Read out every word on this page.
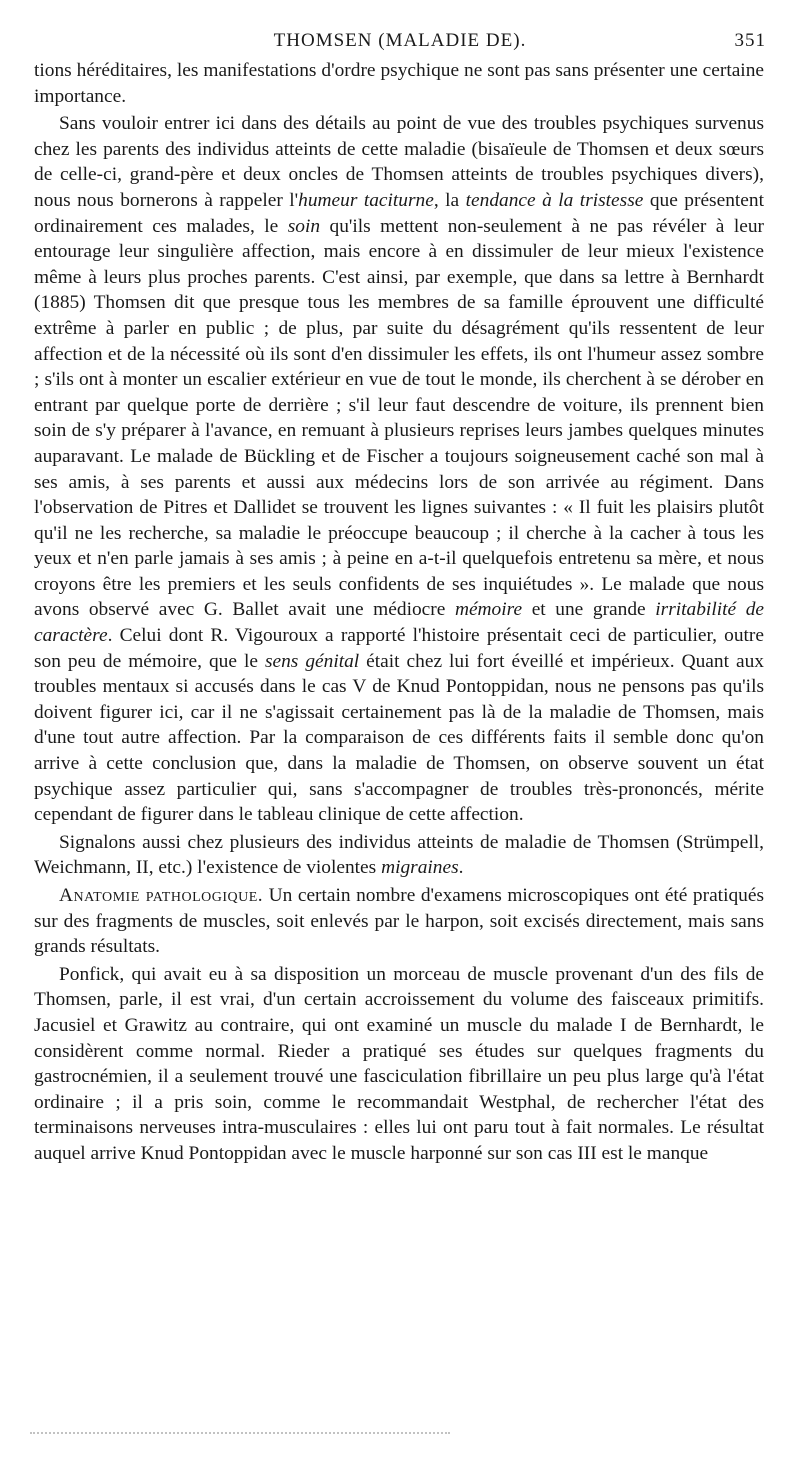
THOMSEN (MALADIE DE).	351

tions héréditaires, les manifestations d'ordre psychique ne sont pas sans présenter une certaine importance.

Sans vouloir entrer ici dans des détails au point de vue des troubles psychiques survenus chez les parents des individus atteints de cette maladie (bisaïeule de Thomsen et deux sœurs de celle-ci, grand-père et deux oncles de Thomsen atteints de troubles psychiques divers), nous nous bornerons à rappeler l'humeur taciturne, la tendance à la tristesse que présentent ordinairement ces malades, le soin qu'ils mettent non-seulement à ne pas révéler à leur entourage leur singulière affection, mais encore à en dissimuler de leur mieux l'existence même à leurs plus proches parents. C'est ainsi, par exemple, que dans sa lettre à Bernhardt (1885) Thomsen dit que presque tous les membres de sa famille éprouvent une difficulté extrême à parler en public ; de plus, par suite du désagrément qu'ils ressentent de leur affection et de la nécessité où ils sont d'en dissimuler les effets, ils ont l'humeur assez sombre ; s'ils ont à monter un escalier extérieur en vue de tout le monde, ils cherchent à se dérober en entrant par quelque porte de derrière ; s'il leur faut descendre de voiture, ils prennent bien soin de s'y préparer à l'avance, en remuant à plusieurs reprises leurs jambes quelques minutes auparavant. Le malade de Bückling et de Fischer a toujours soigneusement caché son mal à ses amis, à ses parents et aussi aux médecins lors de son arrivée au régiment. Dans l'observation de Pitres et Dallidet se trouvent les lignes suivantes : « Il fuit les plaisirs plutôt qu'il ne les recherche, sa maladie le préoccupe beaucoup ; il cherche à la cacher à tous les yeux et n'en parle jamais à ses amis ; à peine en a-t-il quelquefois entretenu sa mère, et nous croyons être les premiers et les seuls confidents de ses inquiétudes ». Le malade que nous avons observé avec G. Ballet avait une médiocre mémoire et une grande irritabilité de caractère. Celui dont R. Vigouroux a rapporté l'histoire présentait ceci de particulier, outre son peu de mémoire, que le sens génital était chez lui fort éveillé et impérieux. Quant aux troubles mentaux si accusés dans le cas V de Knud Pontoppidan, nous ne pensons pas qu'ils doivent figurer ici, car il ne s'agissait certainement pas là de la maladie de Thomsen, mais d'une tout autre affection. Par la comparaison de ces différents faits il semble donc qu'on arrive à cette conclusion que, dans la maladie de Thomsen, on observe souvent un état psychique assez particulier qui, sans s'accompagner de troubles très-prononcés, mérite cependant de figurer dans le tableau clinique de cette affection.

Signalons aussi chez plusieurs des individus atteints de maladie de Thomsen (Strümpell, Weichmann, II, etc.) l'existence de violentes migraines.

Anatomie pathologique. Un certain nombre d'examens microscopiques ont été pratiqués sur des fragments de muscles, soit enlevés par le harpon, soit excisés directement, mais sans grands résultats.

Ponfick, qui avait eu à sa disposition un morceau de muscle provenant d'un des fils de Thomsen, parle, il est vrai, d'un certain accroissement du volume des faisceaux primitifs. Jacusiel et Grawitz au contraire, qui ont examiné un muscle du malade I de Bernhardt, le considèrent comme normal. Rieder a pratiqué ses études sur quelques fragments du gastrocnémien, il a seulement trouvé une fasciculation fibrillaire un peu plus large qu'à l'état ordinaire ; il a pris soin, comme le recommandait Westphal, de rechercher l'état des terminaisons nerveuses intra-musculaires : elles lui ont paru tout à fait normales. Le résultat auquel arrive Knud Pontoppidan avec le muscle harponné sur son cas III est le manque
